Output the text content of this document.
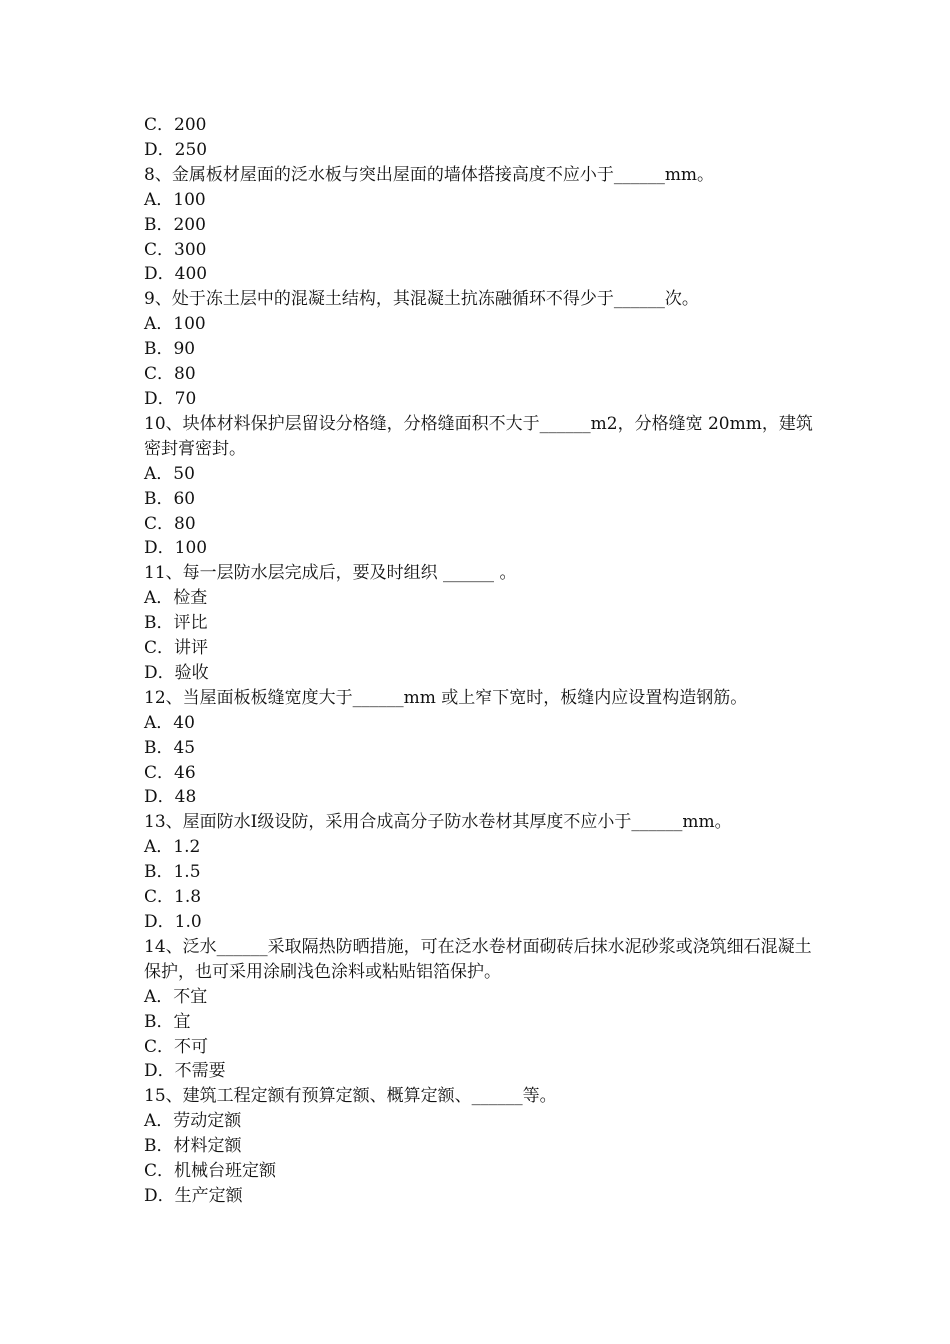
C．200

D．250

8、金属板材屋面的泛水板与突出屋面的墙体搭接高度不应小于______mm。

A．100

B．200

C．300

D．400

9、处于冻土层中的混凝土结构，其混凝土抗冻融循环不得少于______次。

A．100

B．90

C．80

D．70

10、块体材料保护层留设分格缝，分格缝面积不大于______m2，分格缝宽 20mm，建筑密封膏密封。

A．50

B．60

C．80

D．100

11、每一层防水层完成后，要及时组织 ______ 。

A．检查

B．评比

C．讲评

D．验收

12、当屋面板板缝宽度大于______mm 或上窄下宽时，板缝内应设置构造钢筋。

A．40

B．45

C．46

D．48

13、屋面防水Ⅰ级设防，采用合成高分子防水卷材其厚度不应小于______mm。

A．1.2

B．1.5

C．1.8

D．1.0

14、泛水______采取隔热防晒措施，可在泛水卷材面砌砖后抹水泥砂浆或浇筑细石混凝土保护，也可采用涂刷浅色涂料或粘贴铝箔保护。

A．不宜

B．宜

C．不可

D．不需要

15、建筑工程定额有预算定额、概算定额、______等。

A．劳动定额

B．材料定额

C．机械台班定额

D．生产定额
